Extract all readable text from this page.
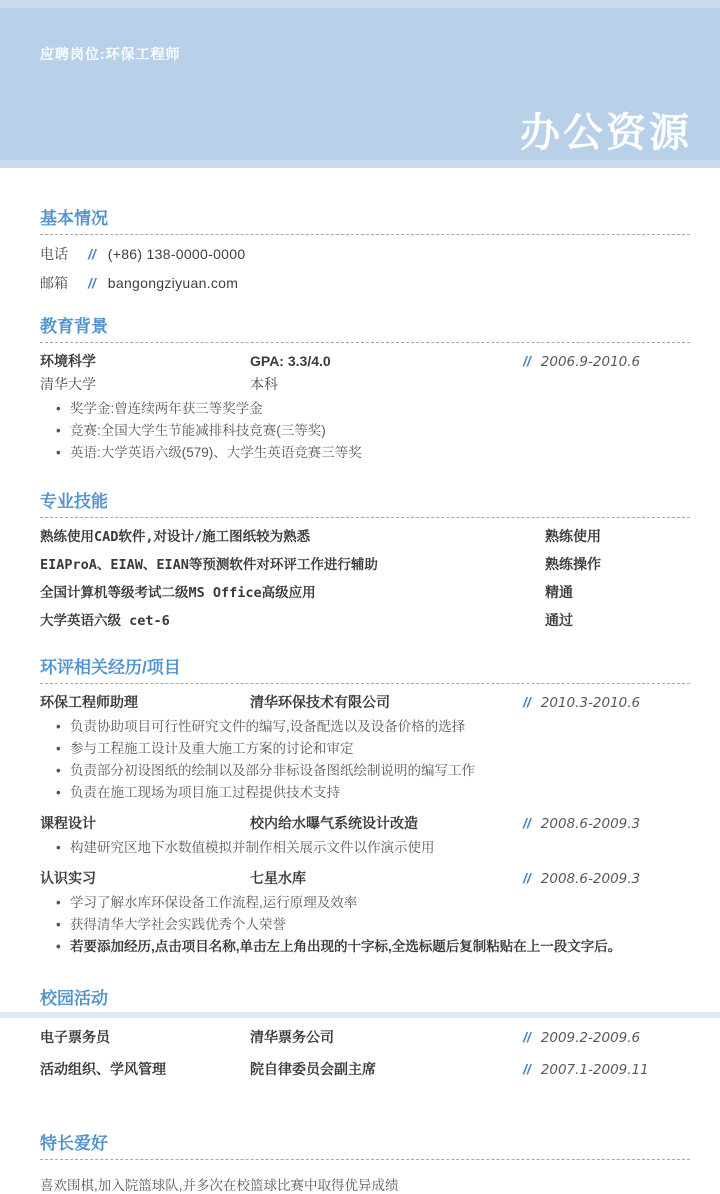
应聘岗位:环保工程师
办公资源
基本情况
电话	// (+86) 138-0000-0000
邮箱	// bangongziyuan.com
教育背景
环境科学	GPA: 3.3/4.0	// 2006.9-2010.6
清华大学	本科
• 奖学金:曾连续两年获三等奖学金
• 竞赛:全国大学生节能减排科技竞赛(三等奖)
• 英语:大学英语六级(579)、大学生英语竞赛三等奖
专业技能
熟练使用CAD软件,对设计/施工图纸较为熟悉	熟练使用
EIAProA、EIAW、EIAN等预测软件对环评工作进行辅助	熟练操作
全国计算机等级考试二级MS Office高级应用	精通
大学英语六级 cet-6	通过
环评相关经历/项目
环保工程师助理	清华环保技术有限公司	// 2010.3-2010.6
• 负责协助项目可行性研究文件的编写,设备配选以及设备价格的选择
• 参与工程施工设计及重大施工方案的讨论和审定
• 负责部分初设图纸的绘制以及部分非标设备图纸绘制说明的编写工作
• 负责在施工现场为项目施工过程提供技术支持
课程设计	校内给水曝气系统设计改造	// 2008.6-2009.3
• 构建研究区地下水数值模拟并制作相关展示文件以作演示使用
认识实习	七星水库	// 2008.6-2009.3
• 学习了解水库环保设备工作流程,运行原理及效率
• 获得清华大学社会实践优秀个人荣誉
• 若要添加经历,点击项目名称,单击左上角出现的十字标,全选标题后复制粘贴在上一段文字后。
校园活动
电子票务员	清华票务公司	// 2009.2-2009.6
活动组织、学风管理	院自律委员会副主席	// 2007.1-2009.11
特长爱好
喜欢围棋,加入院篮球队,并多次在校篮球比赛中取得优异成绩
